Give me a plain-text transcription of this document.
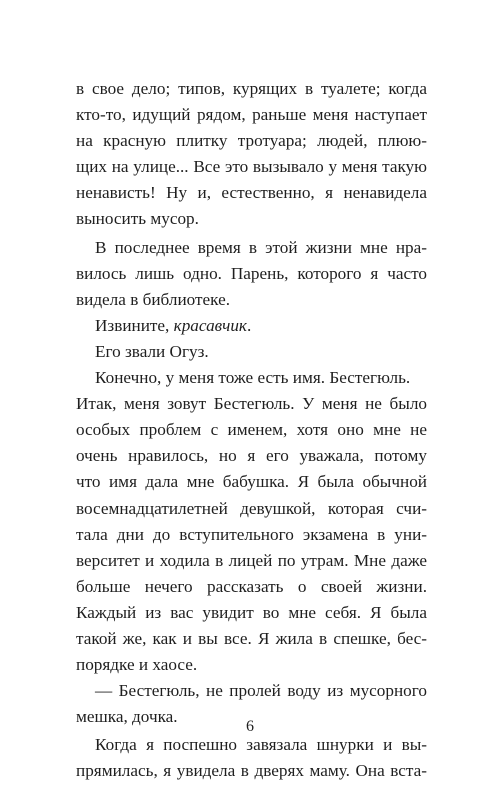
в свое дело; типов, курящих в туалете; когда
кто-то, идущий рядом, раньше меня наступает
на красную плитку тротуара; людей, плюю-
щих на улице... Все это вызывало у меня такую
ненависть! Ну и, естественно, я ненавидела
выносить мусор.
В последнее время в этой жизни мне нра-
вилось лишь одно. Парень, которого я часто
видела в библиотеке.
Извините, красавчик.
Его звали Огуз.
Конечно, у меня тоже есть имя. Бестегюль.
Итак, меня зовут Бестегюль. У меня не было
особых проблем с именем, хотя оно мне не
очень нравилось, но я его уважала, потому
что имя дала мне бабушка. Я была обычной
восемнадцатилетней девушкой, которая счи-
тала дни до вступительного экзамена в уни-
верситет и ходила в лицей по утрам. Мне даже
больше нечего рассказать о своей жизни.
Каждый из вас увидит во мне себя. Я была
такой же, как и вы все. Я жила в спешке, бес-
порядке и хаосе.
— Бестегюль, не пролей воду из мусорного
мешка, дочка.
Когда я поспешно завязала шнурки и вы-
прямилась, я увидела в дверях маму. Она вста-
6
